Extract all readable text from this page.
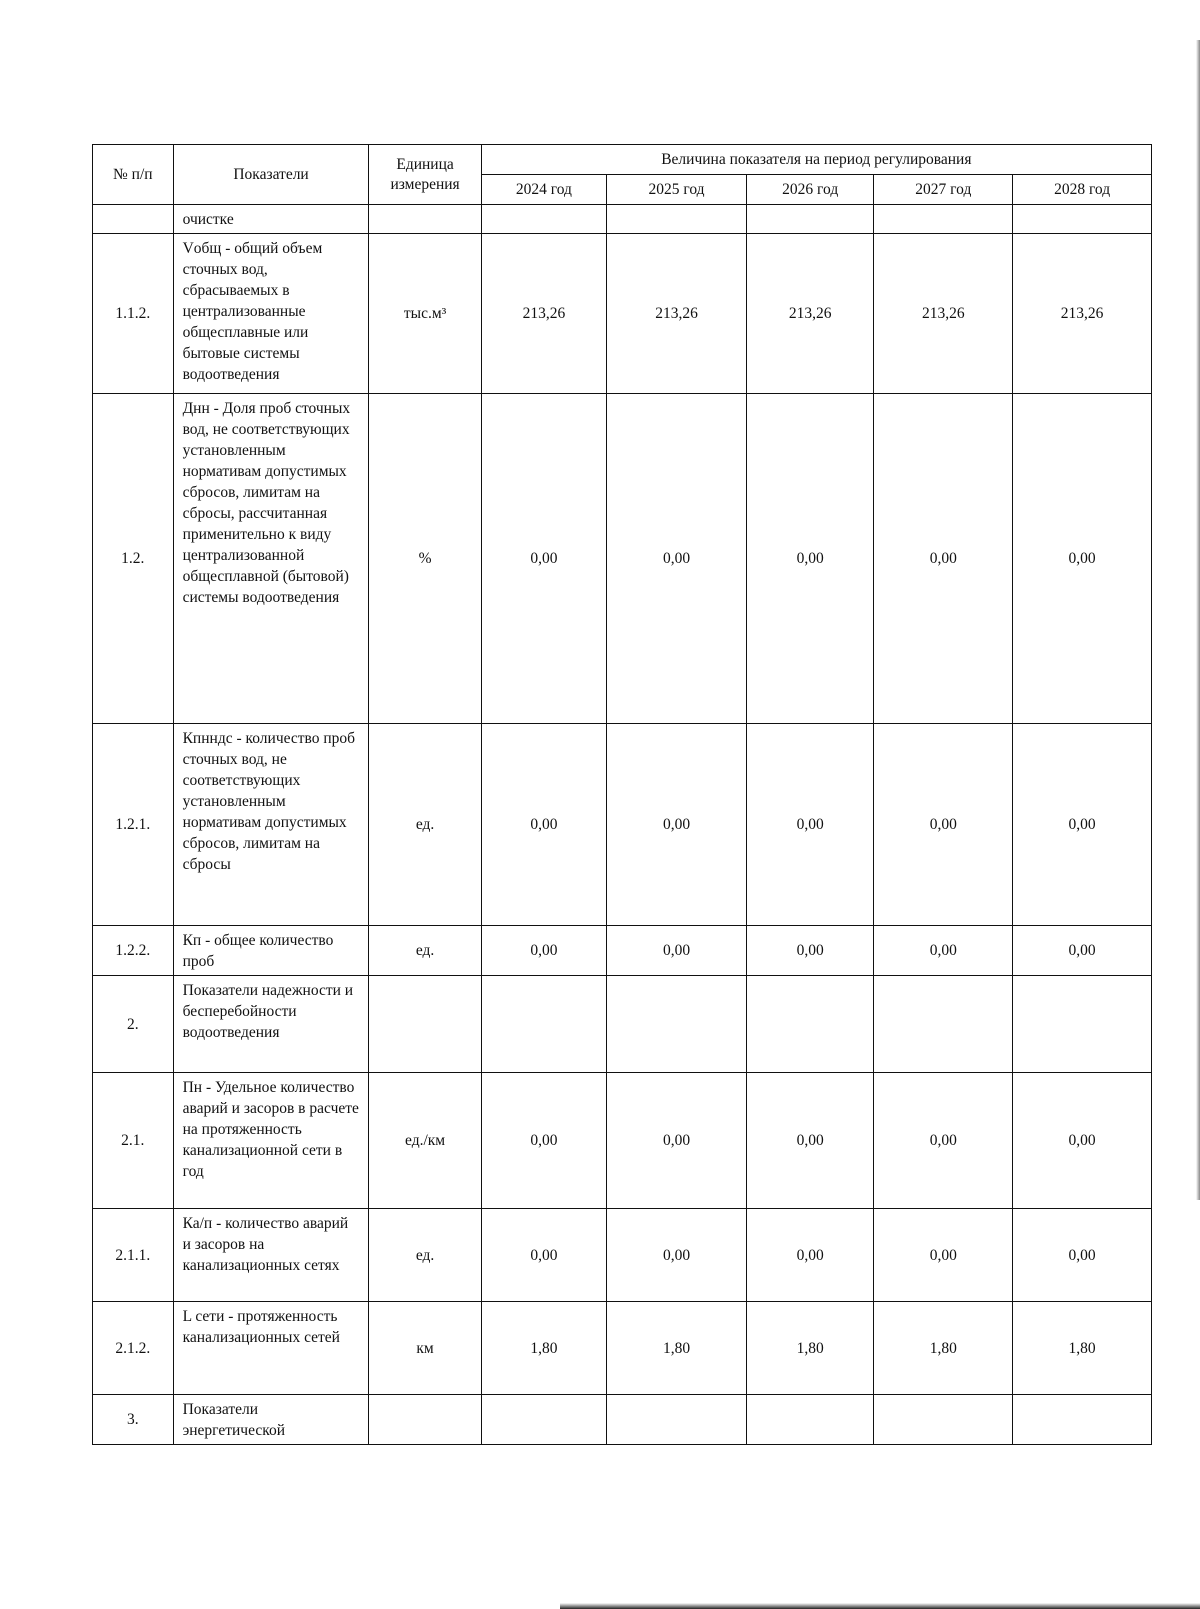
№ п/п	Показатели	Единица измерения	Величина показателя на период регулирования				
			2024 год	2025 год	2026 год	2027 год	2028 год
	очистке						
1.1.2.	Vобщ - общий объем сточных вод, сбрасываемых в централизованные общесплавные или бытовые системы водоотведения	тыс.м³	213,26	213,26	213,26	213,26	213,26
1.2.	Днн - Доля проб сточных вод, не соответствующих установленным нормативам допустимых сбросов, лимитам на сбросы, рассчитанная применительно к виду централизованной общесплавной (бытовой) системы водоотведения	%	0,00	0,00	0,00	0,00	0,00
1.2.1.	Кпнндс - количество проб сточных вод, не соответствующих установленным нормативам допустимых сбросов, лимитам на сбросы	ед.	0,00	0,00	0,00	0,00	0,00
1.2.2.	Кп - общее количество проб	ед.	0,00	0,00	0,00	0,00	0,00
2.	Показатели надежности и бесперебойности водоотведения						
2.1.	Пн - Удельное количество аварий и засоров в расчете на протяженность канализационной сети в год	ед./км	0,00	0,00	0,00	0,00	0,00
2.1.1.	Ка/п - количество аварий и засоров на канализационных сетях	ед.	0,00	0,00	0,00	0,00	0,00
2.1.2.	L сети - протяженность канализационных сетей	км	1,80	1,80	1,80	1,80	1,80
3.	Показатели энергетической						
